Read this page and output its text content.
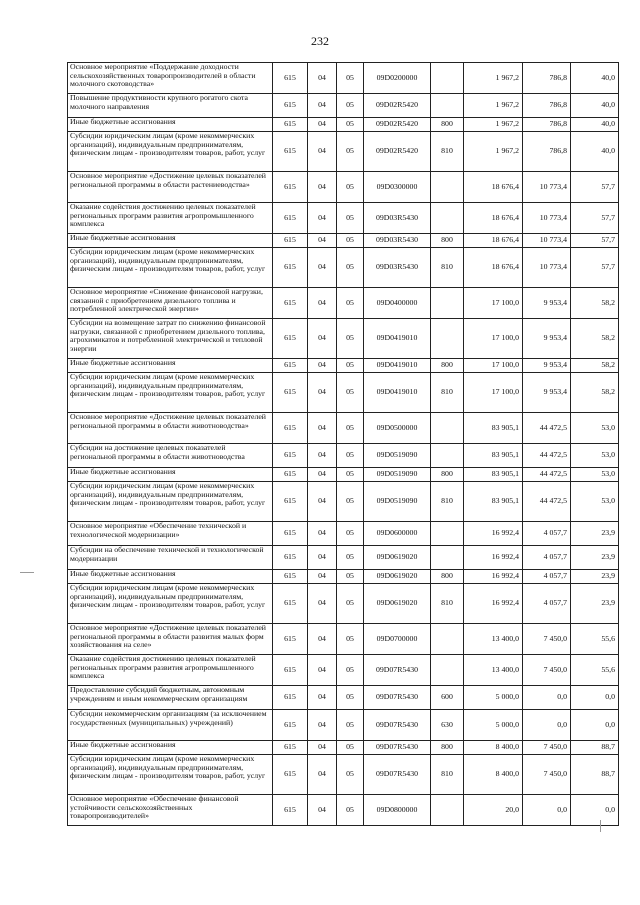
232
Основное мероприятие «Поддержание доходности сельскохозяйственных товаропроизводителей в области молочного скотоводства»	615	04	05	09D0200000		1 967,2	786,8	40,0
Повышение продуктивности крупного рогатого скота молочного направления	615	04	05	09D02R5420		1 967,2	786,8	40,0
Иные бюджетные ассигнования	615	04	05	09D02R5420	800	1 967,2	786,8	40,0
Субсидии юридическим лицам (кроме некоммерческих организаций), индивидуальным предпринимателям, физическим лицам - производителям товаров, работ, услуг	615	04	05	09D02R5420	810	1 967,2	786,8	40,0
Основное мероприятие «Достижение целевых показателей региональной программы в области растениеводства»	615	04	05	09D0300000		18 676,4	10 773,4	57,7
Оказание содействия достижению целевых показателей региональных программ развития агропромышленного комплекса	615	04	05	09D03R5430		18 676,4	10 773,4	57,7
Иные бюджетные ассигнования	615	04	05	09D03R5430	800	18 676,4	10 773,4	57,7
Субсидии юридическим лицам (кроме некоммерческих организаций), индивидуальным предпринимателям, физическим лицам - производителям товаров, работ, услуг	615	04	05	09D03R5430	810	18 676,4	10 773,4	57,7
Основное мероприятие «Снижение финансовой нагрузки, связанной с приобретением дизельного топлива и потребленной электрической энергии»	615	04	05	09D0400000		17 100,0	9 953,4	58,2
Субсидии на возмещение затрат по снижению финансовой нагрузки, связанной с приобретением дизельного топлива, агрохимикатов и потребленной электрической и тепловой энергии	615	04	05	09D0419010		17 100,0	9 953,4	58,2
Иные бюджетные ассигнования	615	04	05	09D0419010	800	17 100,0	9 953,4	58,2
Субсидии юридическим лицам (кроме некоммерческих организаций), индивидуальным предпринимателям, физическим лицам - производителям товаров, работ, услуг	615	04	05	09D0419010	810	17 100,0	9 953,4	58,2
Основное мероприятие «Достижение целевых показателей региональной программы в области животноводства»	615	04	05	09D0500000		83 905,1	44 472,5	53,0
Субсидии на достижение целевых показателей региональной программы в области животноводства	615	04	05	09D0519090		83 905,1	44 472,5	53,0
Иные бюджетные ассигнования	615	04	05	09D0519090	800	83 905,1	44 472,5	53,0
Субсидии юридическим лицам (кроме некоммерческих организаций), индивидуальным предпринимателям, физическим лицам - производителям товаров, работ, услуг	615	04	05	09D0519090	810	83 905,1	44 472,5	53,0
Основное мероприятие «Обеспечение технической и технологической модернизации»	615	04	05	09D0600000		16 992,4	4 057,7	23,9
Субсидии на обеспечение технической и технологической модернизации	615	04	05	09D0619020		16 992,4	4 057,7	23,9
Иные бюджетные ассигнования	615	04	05	09D0619020	800	16 992,4	4 057,7	23,9
Субсидии юридическим лицам (кроме некоммерческих организаций), индивидуальным предпринимателям, физическим лицам - производителям товаров, работ, услуг	615	04	05	09D0619020	810	16 992,4	4 057,7	23,9
Основное мероприятие «Достижение целевых показателей региональной программы в области развития малых форм хозяйствования на селе»	615	04	05	09D0700000		13 400,0	7 450,0	55,6
Оказание содействия достижению целевых показателей региональных программ развития агропромышленного комплекса	615	04	05	09D07R5430		13 400,0	7 450,0	55,6
Предоставление субсидий бюджетным, автономным учреждениям и иным некоммерческим организациям	615	04	05	09D07R5430	600	5 000,0	0,0	0,0
Субсидии некоммерческим организациям (за исключением государственных (муниципальных) учреждений)	615	04	05	09D07R5430	630	5 000,0	0,0	0,0
Иные бюджетные ассигнования	615	04	05	09D07R5430	800	8 400,0	7 450,0	88,7
Субсидии юридическим лицам (кроме некоммерческих организаций), индивидуальным предпринимателям, физическим лицам - производителям товаров, работ, услуг	615	04	05	09D07R5430	810	8 400,0	7 450,0	88,7
Основное мероприятие «Обеспечение финансовой устойчивости сельскохозяйственных товаропроизводителей»	615	04	05	09D0800000		20,0	0,0	0,0
